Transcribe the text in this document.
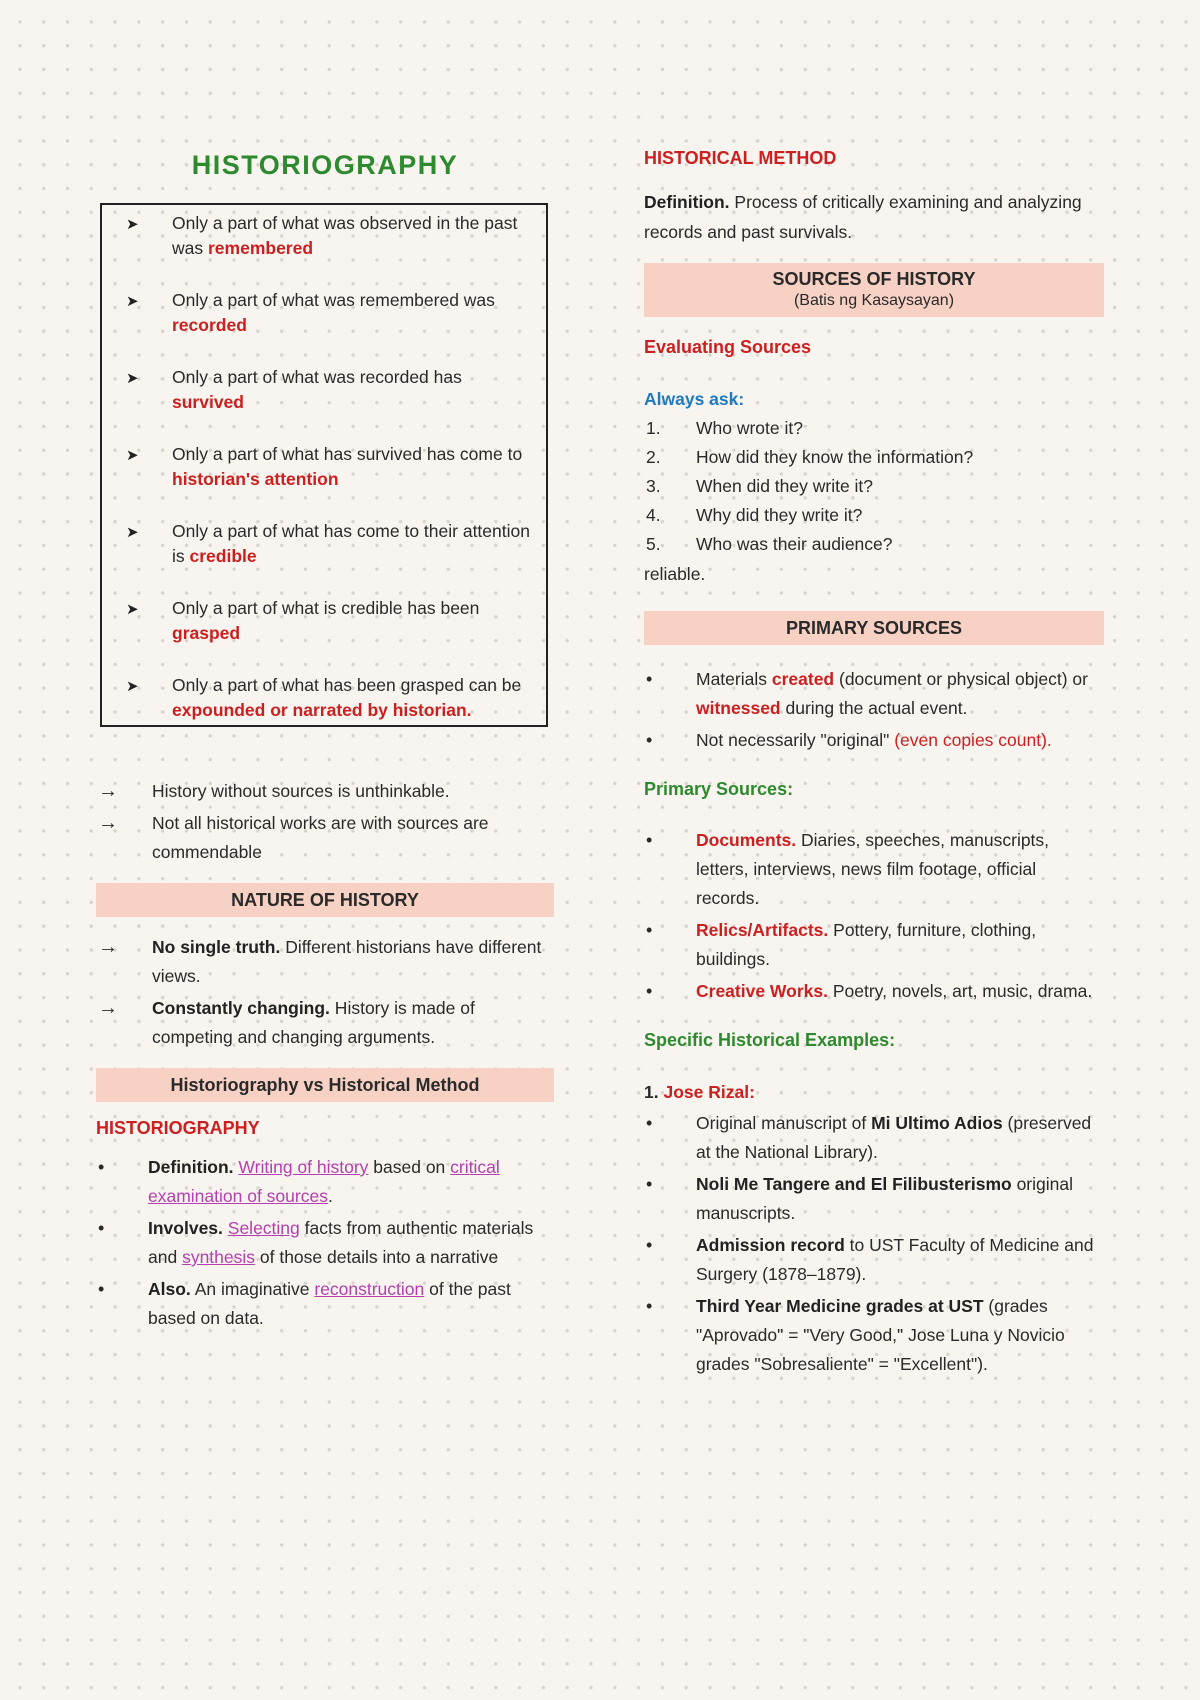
HISTORIOGRAPHY
➤ Only a part of what was observed in the past was remembered
➤ Only a part of what was remembered was recorded
➤ Only a part of what was recorded has survived
➤ Only a part of what has survived has come to historian's attention
➤ Only a part of what has come to their attention is credible
➤ Only a part of what is credible has been grasped
➤ Only a part of what has been grasped can be expounded or narrated by historian.
→ History without sources is unthinkable.
→ Not all historical works are with sources are commendable
NATURE OF HISTORY
→ No single truth. Different historians have different views.
→ Constantly changing. History is made of competing and changing arguments.
Historiography vs Historical Method
HISTORIOGRAPHY
• Definition. Writing of history based on critical examination of sources.
• Involves. Selecting facts from authentic materials and synthesis of those details into a narrative
• Also. An imaginative reconstruction of the past based on data.
HISTORICAL METHOD

Definition. Process of critically examining and analyzing records and past survivals.

SOURCES OF HISTORY
(Batis ng Kasaysayan)
Evaluating Sources
Always ask:
1. Who wrote it?
2. How did they know the information?
3. When did they write it?
4. Why did they write it?
5. Who was their audience?
reliable.
PRIMARY SOURCES
• Materials created (document or physical object) or witnessed during the actual event.
• Not necessarily "original" (even copies count).
Primary Sources:
• Documents. Diaries, speeches, manuscripts, letters, interviews, news film footage, official records.
• Relics/Artifacts. Pottery, furniture, clothing, buildings.
• Creative Works. Poetry, novels, art, music, drama.
Specific Historical Examples:
1. Jose Rizal:
• Original manuscript of Mi Ultimo Adios (preserved at the National Library).
• Noli Me Tangere and El Filibusterismo original manuscripts.
• Admission record to UST Faculty of Medicine and Surgery (1878–1879).
• Third Year Medicine grades at UST (grades "Aprovado" = "Very Good," Jose Luna y Novicio grades "Sobresaliente" = "Excellent").
